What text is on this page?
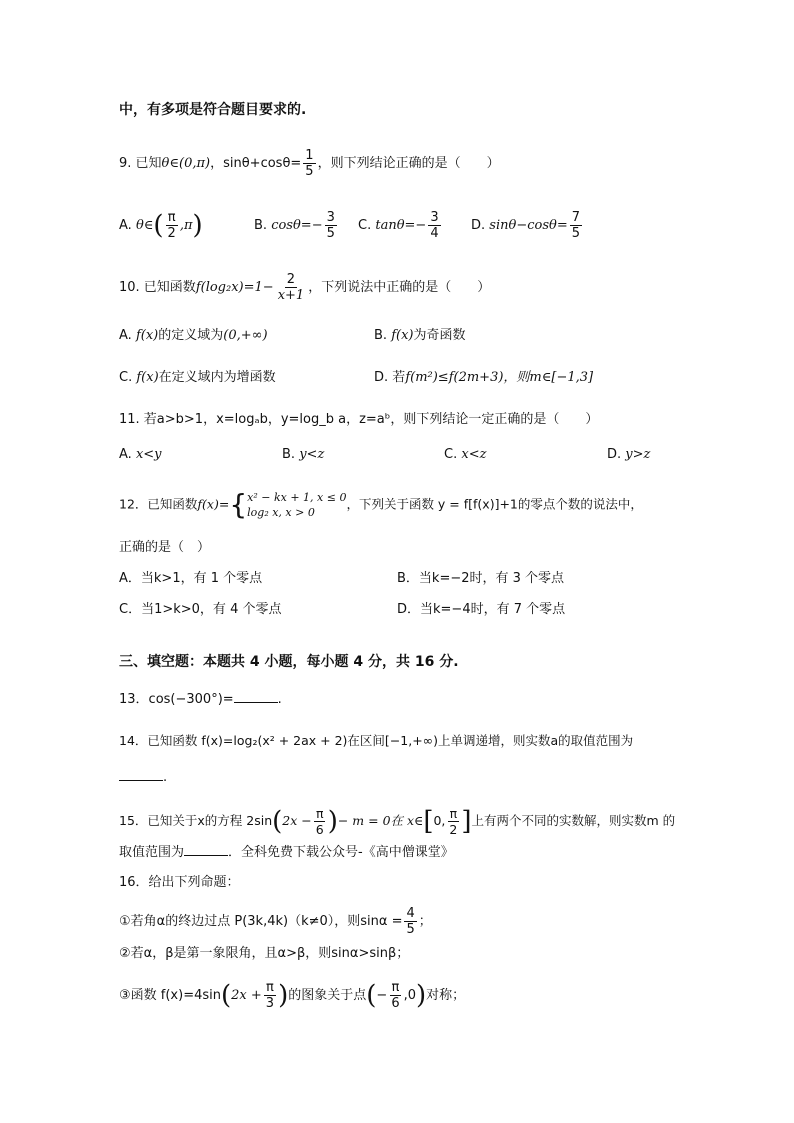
中，有多项是符合题目要求的.
9. 已知θ∈(0,π)，$\sin\theta+\cos\theta= \frac{1}{5}$ ，则下列结论正确的是（　　）
A. θ∈( $\frac{\pi}{2} ,\pi$)	B. $\cos\theta=- \frac{3}{5} C$. $\tan\theta=- \frac{3}{4} D$. $\sin\theta-\cos\theta= \frac{7}{5}$
10. 已知函数$f(\log_2x)=1- \frac{2}{x+1}$ ，下列说法中正确的是（　　）
A. f(x)的定义域为(0,+∞)	B. f(x)为奇函数
C. f(x)在定义域内为增函数	D. 若f(m²)≤f(2m+3)，则m∈[−1,3]
11. 若a>b>1，x=logₐb，y=log_b a，z=aᵇ，则下列结论一定正确的是（　　）
A. x<y	B. y<z	C. x<z	D. y>z
12．已知函数f(x)={ x² − kx + 1, x ≤ 0
log₂ x, x > 0
，下列关于函数 y = f[f(x)]+1的零点个数的说法中，
正确的是（　）
A．当k>1，有 1 个零点	B．当k=−2时，有 3 个零点
C．当1>k>0，有 4 个零点	D．当k=−4时，有 7 个零点
三、填空题：本题共 4 小题，每小题 4 分，共 16 分.
13．cos(−300°)=	.
14．已知函数 f(x)=log₂(x² + 2ax + 2)在区间[−1,+∞)上单调递增，则实数a的取值范围为
.
15．已知关于x的方程 $2\sin(2x - \frac{\pi}{6}$ )− m = 0在 x∈[0, $\frac{\pi}{2}$ ]上有两个不同的实数解，则实数m 的
取值范围为	．全科免费下载公众号-《高中僧课堂》
16．给出下列命题：
①若角α的终边过点 P(3k,4k)（k≠0），则$\sin\alpha = \frac{4}{5}$ ；
②若α，β是第一象限角，且α>β，则sinα>sinβ；
③函数 $f(x)=4\sin(2x + \frac{\pi}{3}$ )的图象关于点(− $\frac{\pi}{6} ,0$)对称；
